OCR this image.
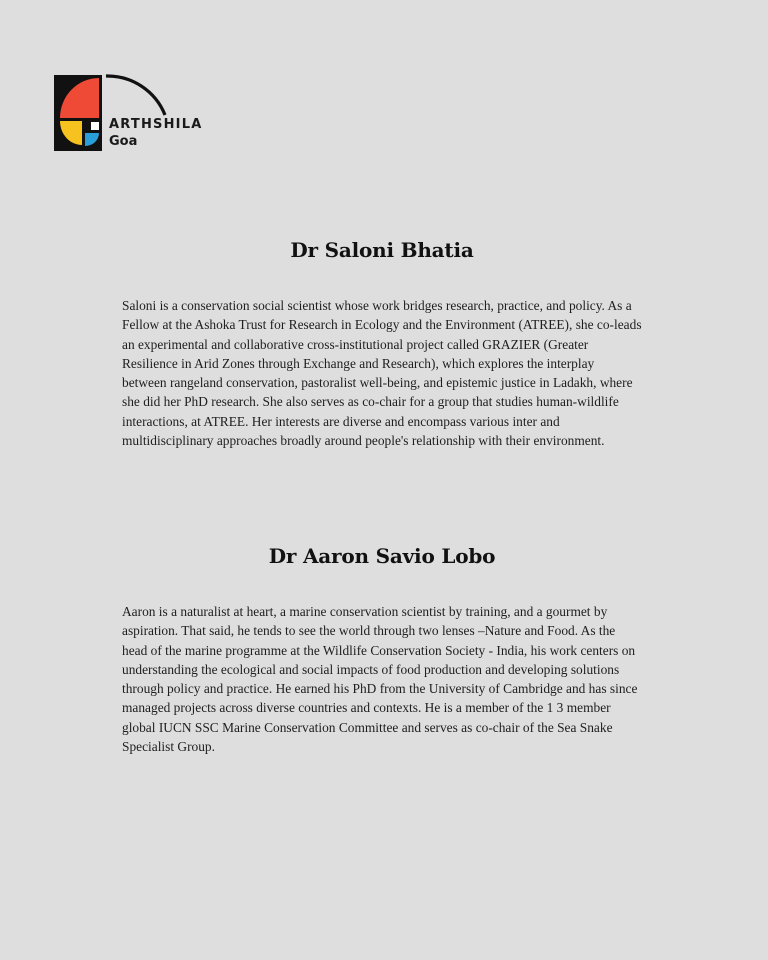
ARTHSHILA
Goa
Dr Saloni Bhatia

Saloni is a conservation social scientist whose work bridges research, practice, and policy. As a Fellow at the Ashoka Trust for Research in Ecology and the Environment (ATREE), she co-leads an experimental and collaborative cross-institutional project called GRAZIER (Greater Resilience in Arid Zones through Exchange and Research), which explores the interplay between rangeland conservation, pastoralist well-being, and epistemic justice in Ladakh, where she did her PhD research. She also serves as co-chair for a group that studies human-wildlife interactions, at ATREE. Her interests are diverse and encompass various inter and multidisciplinary approaches broadly around people's relationship with their environment.

Dr Aaron Savio Lobo

Aaron is a naturalist at heart, a marine conservation scientist by training, and a gourmet by aspiration. That said, he tends to see the world through two lenses –Nature and Food. As the head of the marine programme at the Wildlife Conservation Society - India, his work centers on understanding the ecological and social impacts of food production and developing solutions through policy and practice. He earned his PhD from the University of Cambridge and has since managed projects across diverse countries and contexts. He is a member of the 1 3 member global IUCN SSC Marine Conservation Committee and serves as co-chair of the Sea Snake Specialist Group.
